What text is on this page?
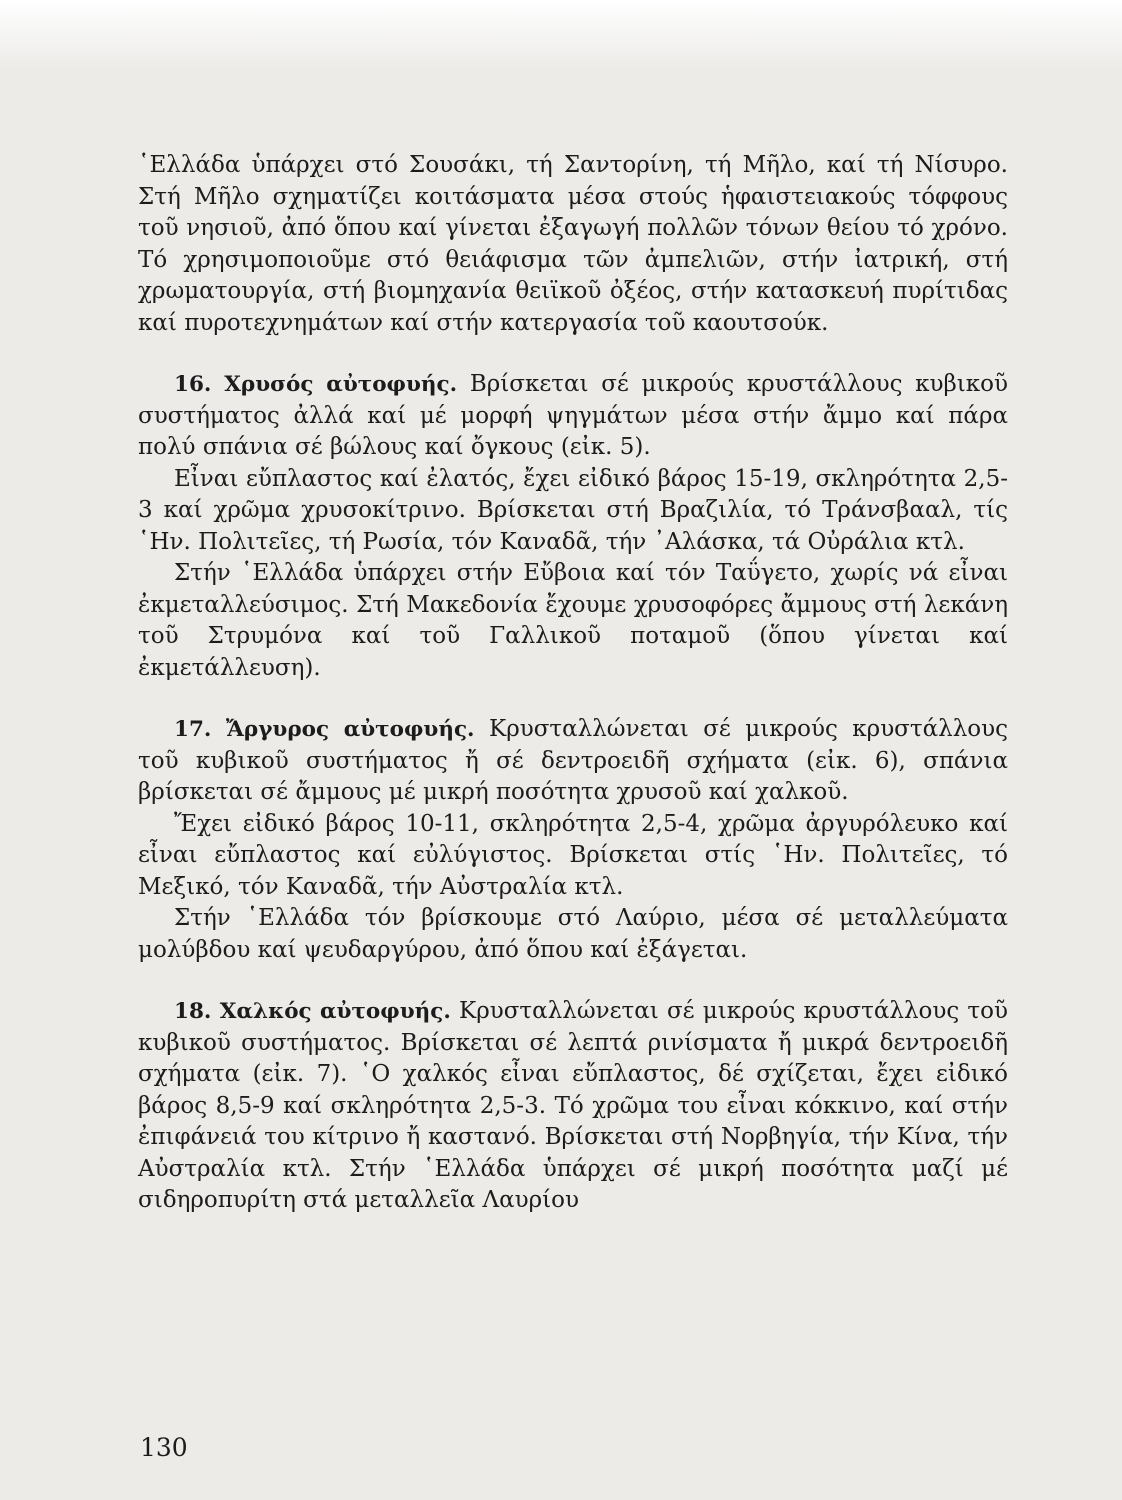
῾Ελλάδα ὑπάρχει στό Σουσάκι, τή Σαντορίνη, τή Μῆλο, καί τή Νίσυρο. Στή Μῆλο σχηματίζει κοιτάσματα μέσα στούς ἡφαιστειακούς τόφφους τοῦ νησιοῦ, ἀπό ὅπου καί γίνεται ἐξαγωγή πολλῶν τόνων θείου τό χρόνο. Τό χρησιμοποιοῦμε στό θειάφισμα τῶν ἀμπελιῶν, στήν ἰατρική, στή χρωματουργία, στή βιομηχανία θειϊκοῦ ὀξέος, στήν κατασκευή πυρίτιδας καί πυροτεχνημάτων καί στήν κατεργασία τοῦ καουτσούκ.

16. Χρυσός αὐτοφυής. Βρίσκεται σέ μικρούς κρυστάλλους κυβικοῦ συστήματος ἀλλά καί μέ μορφή ψηγμάτων μέσα στήν ἄμμο καί πάρα πολύ σπάνια σέ βώλους καί ὄγκους (εἰκ. 5).

Εἶναι εὔπλαστος καί ἐλατός, ἔχει εἰδικό βάρος 15-19, σκληρότητα 2,5-3 καί χρῶμα χρυσοκίτρινο. Βρίσκεται στή Βραζιλία, τό Τράνσβααλ, τίς ῾Ην. Πολιτεῖες, τή Ρωσία, τόν Καναδᾶ, τήν ᾿Αλάσκα, τά Οὐράλια κτλ.

Στήν ῾Ελλάδα ὑπάρχει στήν Εὔβοια καί τόν Ταΰγετο, χωρίς νά εἶναι ἐκμεταλλεύσιμος. Στή Μακεδονία ἔχουμε χρυσοφόρες ἄμμους στή λεκάνη τοῦ Στρυμόνα καί τοῦ Γαλλικοῦ ποταμοῦ (ὅπου γίνεται καί ἐκμετάλλευση).

17. Ἄργυρος αὐτοφυής. Κρυσταλλώνεται σέ μικρούς κρυστάλλους τοῦ κυβικοῦ συστήματος ἤ σέ δεντροειδῆ σχήματα (εἰκ. 6), σπάνια βρίσκεται σέ ἄμμους μέ μικρή ποσότητα χρυσοῦ καί χαλκοῦ.

Ἔχει εἰδικό βάρος 10-11, σκληρότητα 2,5-4, χρῶμα ἀργυρόλευκο καί εἶναι εὔπλαστος καί εὐλύγιστος. Βρίσκεται στίς ῾Ην. Πολιτεῖες, τό Μεξικό, τόν Καναδᾶ, τήν Αὐστραλία κτλ.

Στήν ῾Ελλάδα τόν βρίσκουμε στό Λαύριο, μέσα σέ μεταλλεύματα μολύβδου καί ψευδαργύρου, ἀπό ὅπου καί ἐξάγεται.

18. Χαλκός αὐτοφυής. Κρυσταλλώνεται σέ μικρούς κρυστάλλους τοῦ κυβικοῦ συστήματος. Βρίσκεται σέ λεπτά ρινίσματα ἤ μικρά δεντροειδῆ σχήματα (εἰκ. 7). ῾Ο χαλκός εἶναι εὔπλαστος, δέ σχίζεται, ἔχει εἰδικό βάρος 8,5-9 καί σκληρότητα 2,5-3. Τό χρῶμα του εἶναι κόκκινο, καί στήν ἐπιφάνειά του κίτρινο ἤ καστανό. Βρίσκεται στή Νορβηγία, τήν Κίνα, τήν Αὐστραλία κτλ. Στήν ῾Ελλάδα ὑπάρχει σέ μικρή ποσότητα μαζί μέ σιδηροπυρίτη στά μεταλλεῖα Λαυρίου

130
